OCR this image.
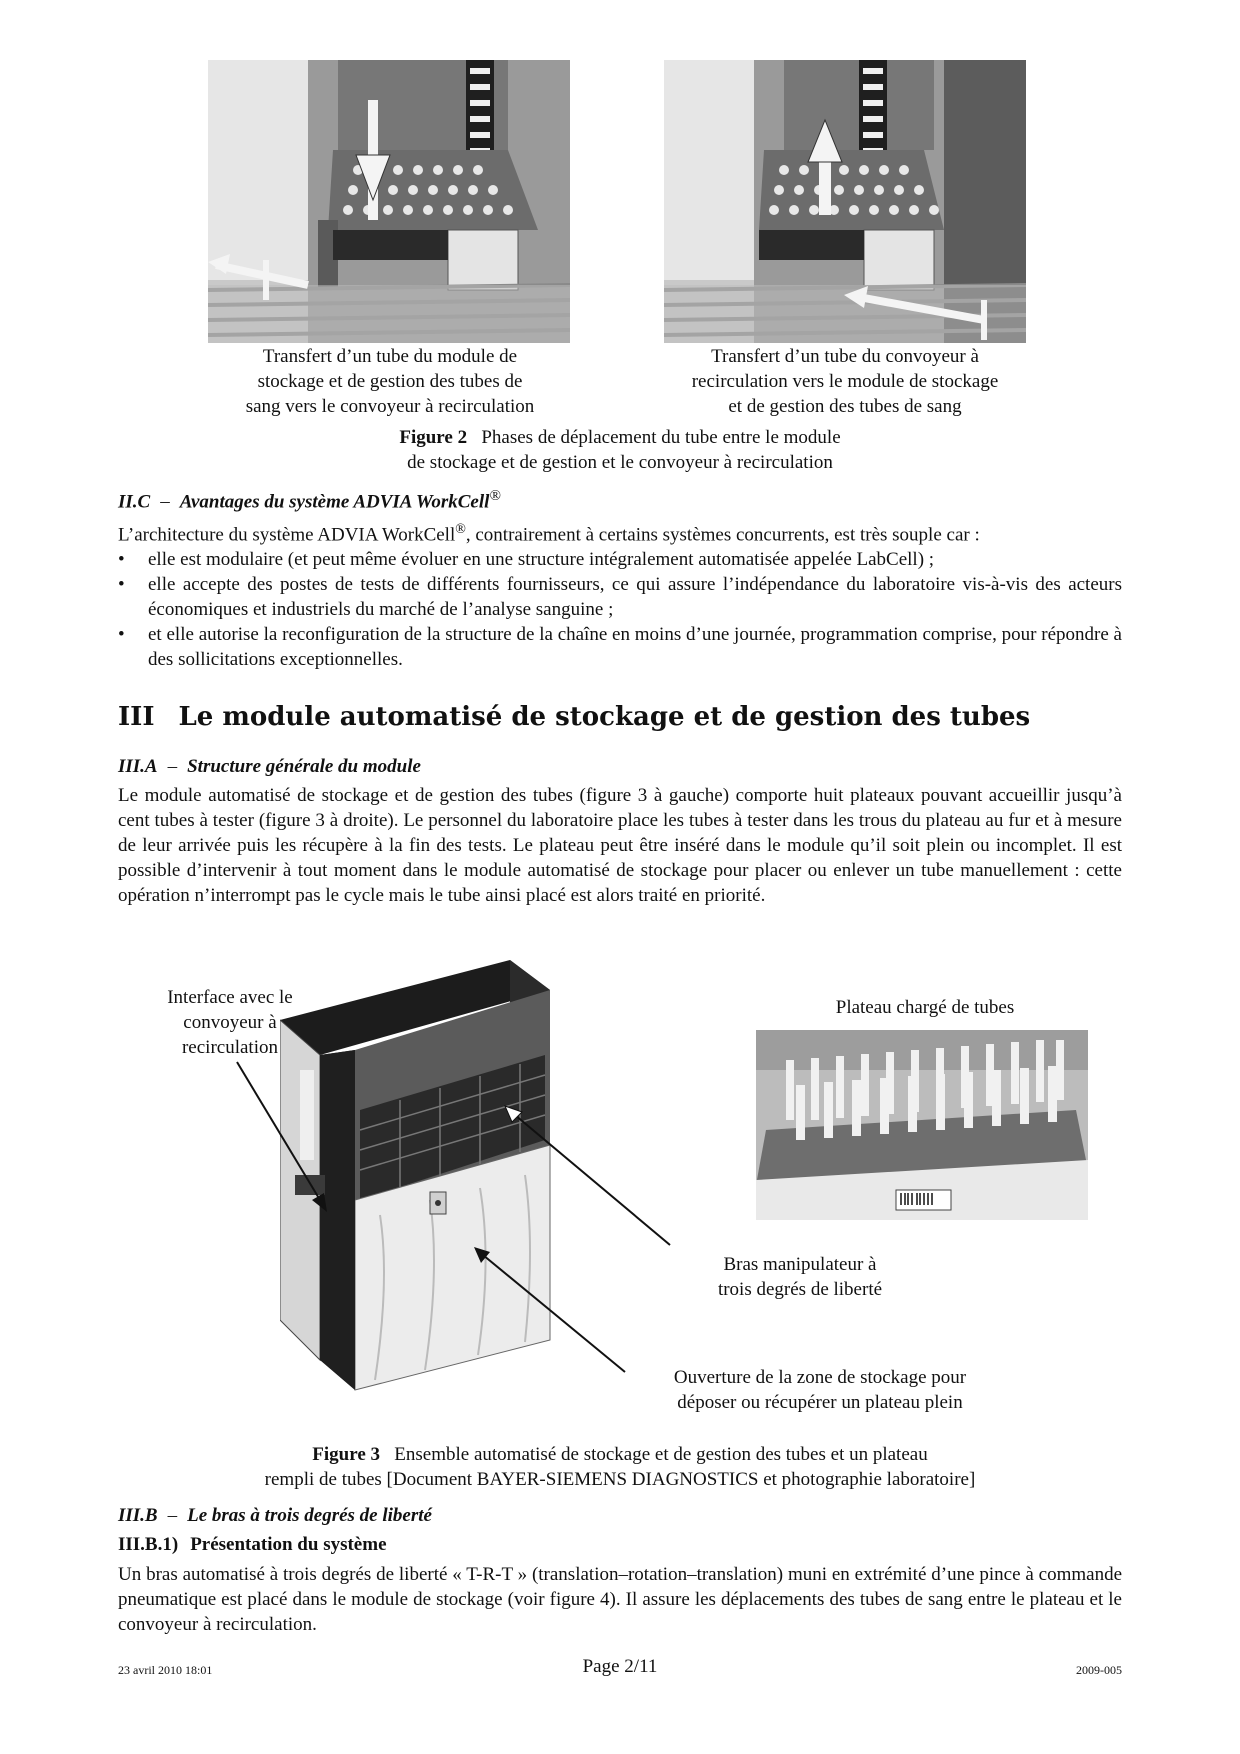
Transfert d’un tube du module de
stockage et de gestion des tubes de
sang vers le convoyeur à recirculation
Transfert d’un tube du convoyeur à
recirculation vers le module de stockage
et de gestion des tubes de sang
Figure 2 Phases de déplacement du tube entre le module
de stockage et de gestion et le convoyeur à recirculation
II.C – Avantages du système ADVIA WorkCell®
L’architecture du système ADVIA WorkCell®, contrairement à certains systèmes concurrents, est très souple car :
• elle est modulaire (et peut même évoluer en une structure intégralement automatisée appelée LabCell) ;
• elle accepte des postes de tests de différents fournisseurs, ce qui assure l’indépendance du laboratoire vis-à-vis des acteurs économiques et industriels du marché de l’analyse sanguine ;
• et elle autorise la reconfiguration de la structure de la chaîne en moins d’une journée, programmation comprise, pour répondre à des sollicitations exceptionnelles.
III Le module automatisé de stockage et de gestion des tubes
III.A – Structure générale du module
Le module automatisé de stockage et de gestion des tubes (figure 3 à gauche) comporte huit plateaux pouvant accueillir jusqu’à cent tubes à tester (figure 3 à droite). Le personnel du laboratoire place les tubes à tester dans les trous du plateau au fur et à mesure de leur arrivée puis les récupère à la fin des tests. Le plateau peut être inséré dans le module qu’il soit plein ou incomplet. Il est possible d’intervenir à tout moment dans le module automatisé de stockage pour placer ou enlever un tube manuellement : cette opération n’interrompt pas le cycle mais le tube ainsi placé est alors traité en priorité.
Interface avec le
convoyeur à
recirculation
Plateau chargé de tubes
Bras manipulateur à
trois degrés de liberté
Ouverture de la zone de stockage pour
déposer ou récupérer un plateau plein
Figure 3 Ensemble automatisé de stockage et de gestion des tubes et un plateau
rempli de tubes [Document BAYER-SIEMENS DIAGNOSTICS et photographie laboratoire]
III.B – Le bras à trois degrés de liberté
III.B.1) Présentation du système
Un bras automatisé à trois degrés de liberté « T-R-T » (translation–rotation–translation) muni en extrémité d’une pince à commande pneumatique est placé dans le module de stockage (voir figure 4). Il assure les déplacements des tubes de sang entre le plateau et le convoyeur à recirculation.
23 avril 2010 18:01	Page 2/11	2009-005
